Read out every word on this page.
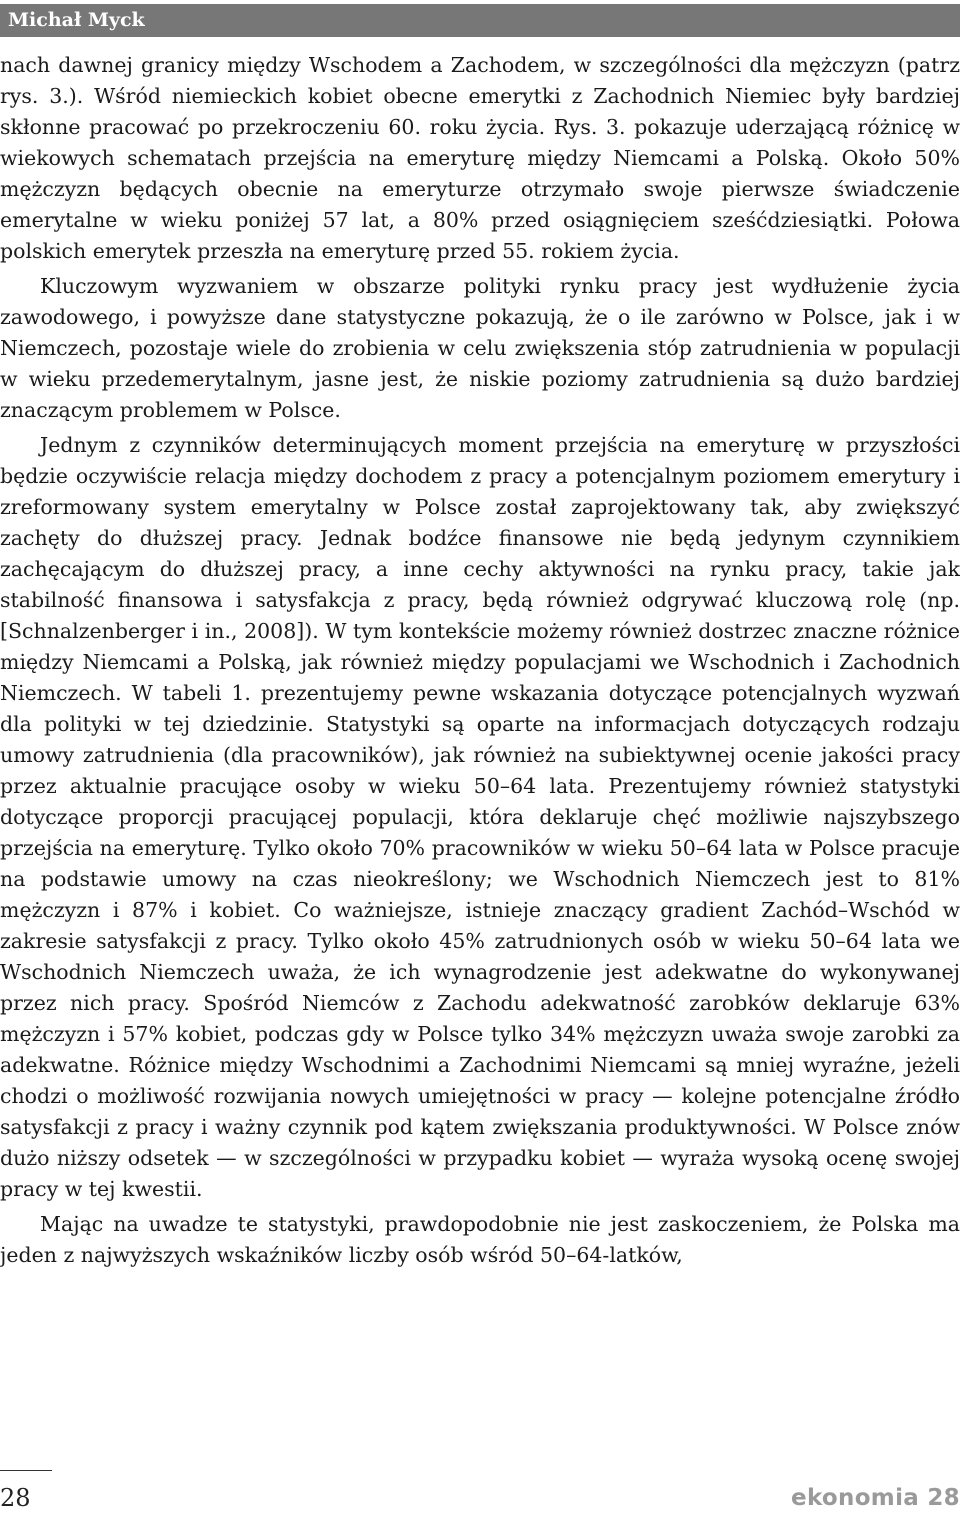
Michał Myck

nach dawnej granicy między Wschodem a Zachodem, w szczególności dla mężczyzn (patrz rys. 3.). Wśród niemieckich kobiet obecne emerytki z Zachodnich Niemiec były bardziej skłonne pracować po przekroczeniu 60. roku życia. Rys. 3. pokazuje uderzającą różnicę w wiekowych schematach przejścia na emeryturę między Niemcami a Polską. Około 50% mężczyzn będących obecnie na emeryturze otrzymało swoje pierwsze świadczenie emerytalne w wieku poniżej 57 lat, a 80% przed osiągnięciem sześćdziesiątki. Połowa polskich emerytek przeszła na emeryturę przed 55. rokiem życia.

Kluczowym wyzwaniem w obszarze polityki rynku pracy jest wydłużenie życia zawodowego, i powyższe dane statystyczne pokazują, że o ile zarówno w Polsce, jak i w Niemczech, pozostaje wiele do zrobienia w celu zwiększenia stóp zatrudnienia w populacji w wieku przedemerytalnym, jasne jest, że niskie poziomy zatrudnienia są dużo bardziej znaczącym problemem w Polsce.

Jednym z czynników determinujących moment przejścia na emeryturę w przyszłości będzie oczywiście relacja między dochodem z pracy a potencjalnym poziomem emerytury i zreformowany system emerytalny w Polsce został zaprojektowany tak, aby zwiększyć zachęty do dłuższej pracy. Jednak bodźce finansowe nie będą jedynym czynnikiem zachęcającym do dłuższej pracy, a inne cechy aktywności na rynku pracy, takie jak stabilność finansowa i satysfakcja z pracy, będą również odgrywać kluczową rolę (np. [Schnalzenberger i in., 2008]). W tym kontekście możemy również dostrzec znaczne różnice między Niemcami a Polską, jak również między populacjami we Wschodnich i Zachodnich Niemczech. W tabeli 1. prezentujemy pewne wskazania dotyczące potencjalnych wyzwań dla polityki w tej dziedzinie. Statystyki są oparte na informacjach dotyczących rodzaju umowy zatrudnienia (dla pracowników), jak również na subiektywnej ocenie jakości pracy przez aktualnie pracujące osoby w wieku 50–64 lata. Prezentujemy również statystyki dotyczące proporcji pracującej populacji, która deklaruje chęć możliwie najszybszego przejścia na emeryturę. Tylko około 70% pracowników w wieku 50–64 lata w Polsce pracuje na podstawie umowy na czas nieokreślony; we Wschodnich Niemczech jest to 81% mężczyzn i 87% i kobiet. Co ważniejsze, istnieje znaczący gradient Zachód–Wschód w zakresie satysfakcji z pracy. Tylko około 45% zatrudnionych osób w wieku 50–64 lata we Wschodnich Niemczech uważa, że ich wynagrodzenie jest adekwatne do wykonywanej przez nich pracy. Spośród Niemców z Zachodu adekwatność zarobków deklaruje 63% mężczyzn i 57% kobiet, podczas gdy w Polsce tylko 34% mężczyzn uważa swoje zarobki za adekwatne. Różnice między Wschodnimi a Zachodnimi Niemcami są mniej wyraźne, jeżeli chodzi o możliwość rozwijania nowych umiejętności w pracy — kolejne potencjalne źródło satysfakcji z pracy i ważny czynnik pod kątem zwiększania produktywności. W Polsce znów dużo niższy odsetek — w szczególności w przypadku kobiet — wyraża wysoką ocenę swojej pracy w tej kwestii.

Mając na uwadze te statystyki, prawdopodobnie nie jest zaskoczeniem, że Polska ma jeden z najwyższych wskaźników liczby osób wśród 50–64-latków,

28	ekonomia 28
